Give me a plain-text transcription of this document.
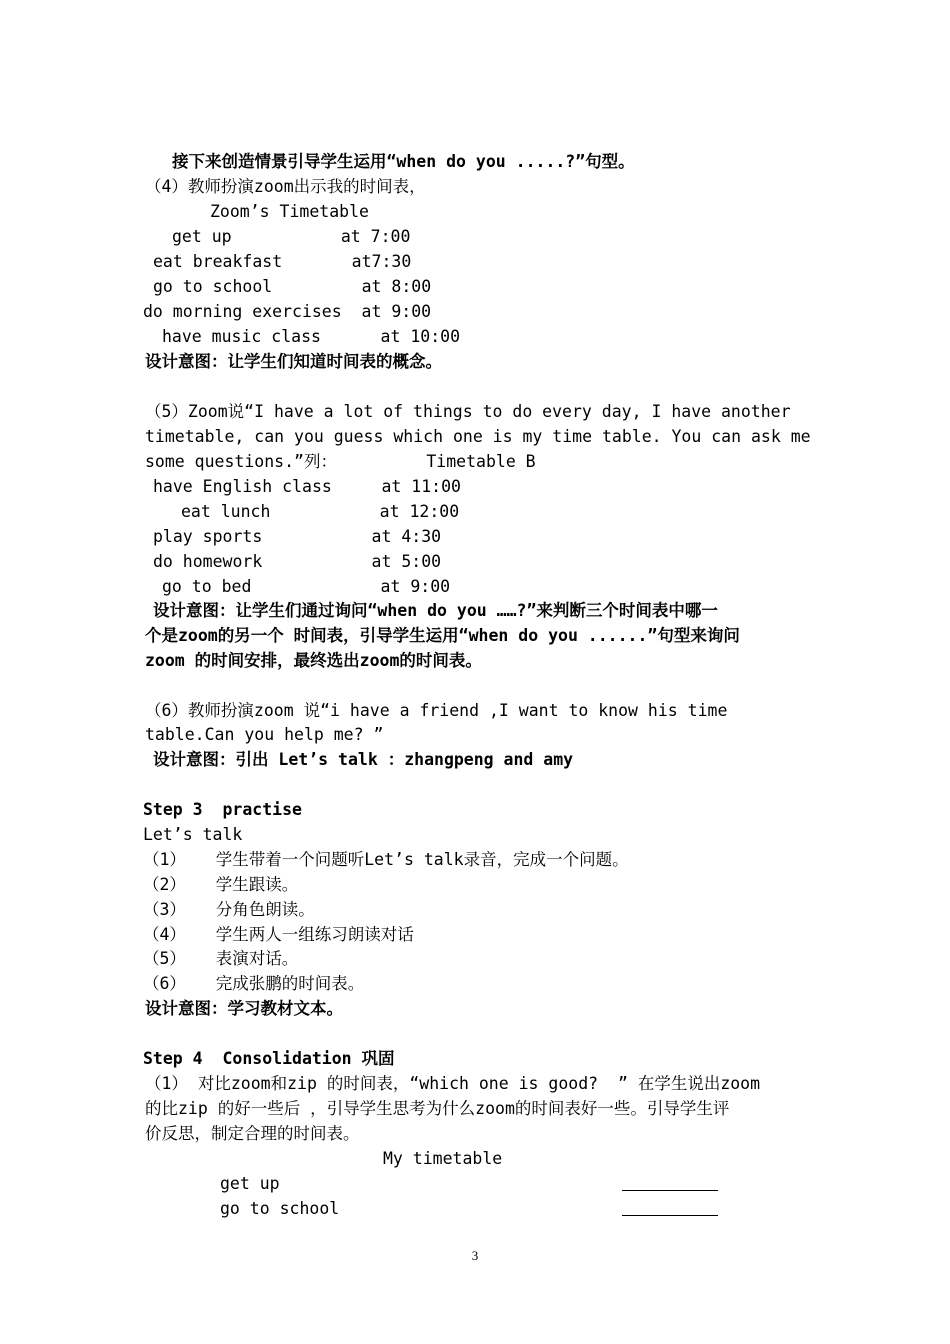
接下来创造情景引导学生运用“when do you .....?”句型。
（4）教师扮演zoom出示我的时间表，
Zoom’s Timetable
get up           at 7:00
eat breakfast       at7:30
go to school         at 8:00
do morning exercises  at 9:00
have music class      at 10:00
设计意图：让学生们知道时间表的概念。
（5）Zoom说“I have a lot of things to do every day, I have another
timetable, can you guess which one is my time table. You can ask me
some questions.”列：         Timetable B
have English class     at 11:00
eat lunch           at 12:00
play sports           at 4:30
do homework           at 5:00
go to bed             at 9:00
设计意图：让学生们通过询问“when do you ……?”来判断三个时间表中哪一
个是zoom的另一个 时间表，引导学生运用“when do you ......”句型来询问
zoom 的时间安排，最终选出zoom的时间表。
（6）教师扮演zoom 说“i have a friend ,I want to know his time
table.Can you help me? ”
设计意图：引出 Let’s talk ：zhangpeng and amy
Step 3  practise
Let’s talk
（1）   学生带着一个问题听Let’s talk录音，完成一个问题。
（2）   学生跟读。
（3）   分角色朗读。
（4）   学生两人一组练习朗读对话
（5）   表演对话。
（6）   完成张鹏的时间表。
设计意图：学习教材文本。
Step 4  Consolidation 巩固
（1） 对比zoom和zip 的时间表，“which one is good?  ” 在学生说出zoom
的比zip 的好一些后 ，引导学生思考为什么zoom的时间表好一些。引导学生评
价反思，制定合理的时间表。
My timetable
get up
go to school
3
